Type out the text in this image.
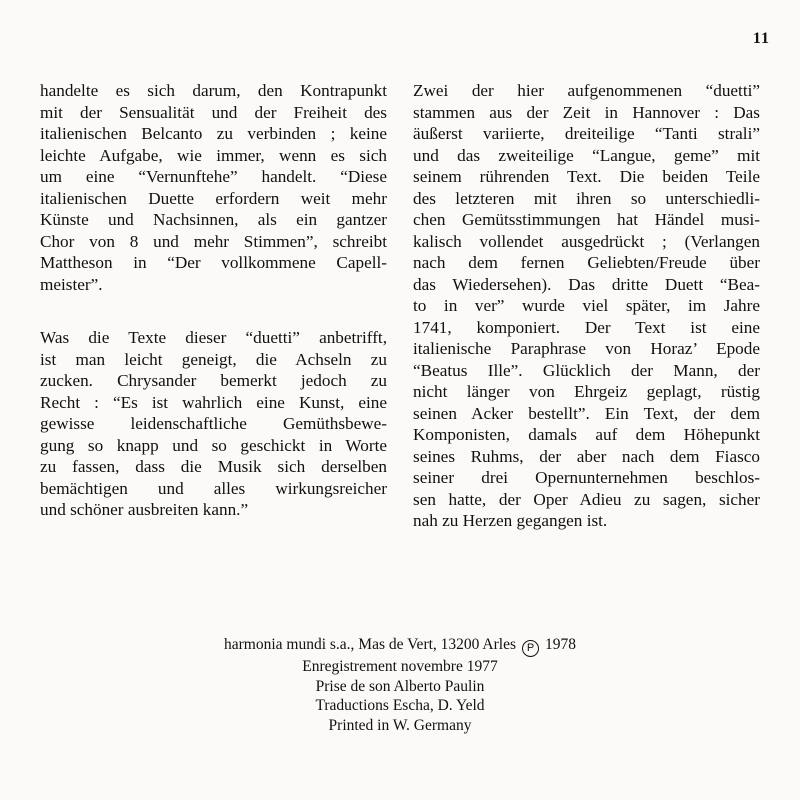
11
handelte es sich darum, den Kontrapunkt
mit der Sensualität und der Freiheit des
italienischen Belcanto zu verbinden ; keine
leichte Aufgabe, wie immer, wenn es sich
um eine “Vernunftehe” handelt. “Diese
italienischen Duette erfordern weit mehr
Künste und Nachsinnen, als ein gantzer
Chor von 8 und mehr Stimmen”, schreibt
Mattheson in “Der vollkommene Capell-
meister”.
Was die Texte dieser “duetti” anbetrifft,
ist man leicht geneigt, die Achseln zu
zucken. Chrysander bemerkt jedoch zu
Recht : “Es ist wahrlich eine Kunst, eine
gewisse leidenschaftliche Gemüthsbewe-
gung so knapp und so geschickt in Worte
zu fassen, dass die Musik sich derselben
bemächtigen und alles wirkungsreicher
und schöner ausbreiten kann.”
Zwei der hier aufgenommenen “duetti”
stammen aus der Zeit in Hannover : Das
äußerst variierte, dreiteilige “Tanti strali”
und das zweiteilige “Langue, geme” mit
seinem rührenden Text. Die beiden Teile
des letzteren mit ihren so unterschiedli-
chen Gemütsstimmungen hat Händel musi-
kalisch vollendet ausgedrückt ; (Verlangen
nach dem fernen Geliebten/Freude über
das Wiedersehen). Das dritte Duett “Bea-
to in ver” wurde viel später, im Jahre
1741, komponiert. Der Text ist eine
italienische Paraphrase von Horaz’ Epode
“Beatus Ille”. Glücklich der Mann, der
nicht länger von Ehrgeiz geplagt, rüstig
seinen Acker bestellt”. Ein Text, der dem
Komponisten, damals auf dem Höhepunkt
seines Ruhms, der aber nach dem Fiasco
seiner drei Opernunternehmen beschlos-
sen hatte, der Oper Adieu zu sagen, sicher
nah zu Herzen gegangen ist.
harmonia mundi s.a., Mas de Vert, 13200 Arles P 1978
Enregistrement novembre 1977
Prise de son Alberto Paulin
Traductions Escha, D. Yeld
Printed in W. Germany
